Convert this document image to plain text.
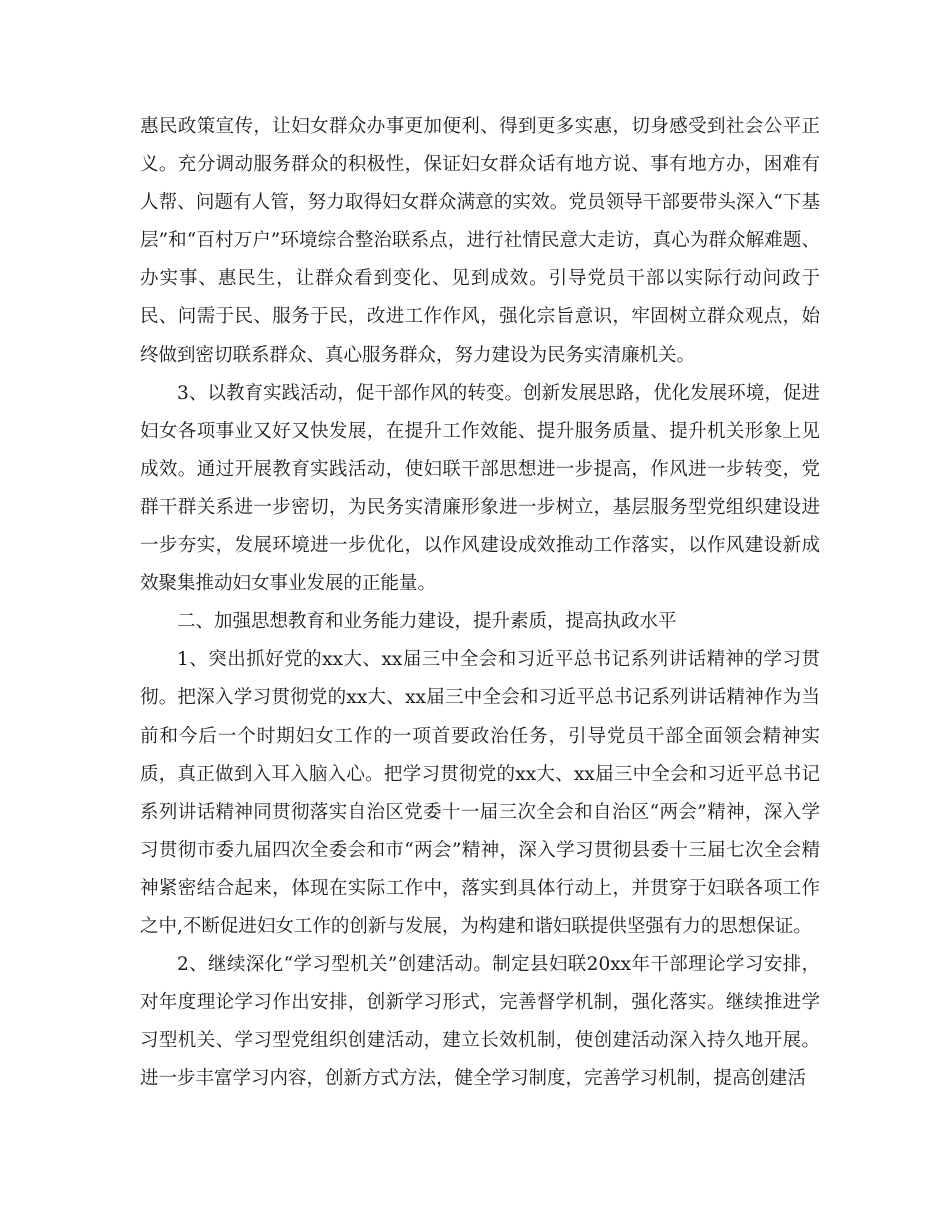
惠民政策宣传，让妇女群众办事更加便利、得到更多实惠，切身感受到社会公平正义。充分调动服务群众的积极性，保证妇女群众话有地方说、事有地方办，困难有人帮、问题有人管，努力取得妇女群众满意的实效。党员领导干部要带头深入“下基层”和“百村万户”环境综合整治联系点，进行社情民意大走访，真心为群众解难题、办实事、惠民生，让群众看到变化、见到成效。引导党员干部以实际行动问政于民、问需于民、服务于民，改进工作作风，强化宗旨意识，牢固树立群众观点，始终做到密切联系群众、真心服务群众，努力建设为民务实清廉机关。

3、以教育实践活动，促干部作风的转变。创新发展思路，优化发展环境，促进妇女各项事业又好又快发展，在提升工作效能、提升服务质量、提升机关形象上见成效。通过开展教育实践活动，使妇联干部思想进一步提高，作风进一步转变，党群干群关系进一步密切，为民务实清廉形象进一步树立，基层服务型党组织建设进一步夯实，发展环境进一步优化，以作风建设成效推动工作落实，以作风建设新成效聚集推动妇女事业发展的正能量。

二、加强思想教育和业务能力建设，提升素质，提高执政水平

1、突出抓好党的xx大、xx届三中全会和习近平总书记系列讲话精神的学习贯彻。把深入学习贯彻党的xx大、xx届三中全会和习近平总书记系列讲话精神作为当前和今后一个时期妇女工作的一项首要政治任务，引导党员干部全面领会精神实质，真正做到入耳入脑入心。把学习贯彻党的xx大、xx届三中全会和习近平总书记系列讲话精神同贯彻落实自治区党委十一届三次全会和自治区“两会”精神，深入学习贯彻市委九届四次全委会和市“两会”精神，深入学习贯彻县委十三届七次全会精神紧密结合起来，体现在实际工作中，落实到具体行动上，并贯穿于妇联各项工作之中,不断促进妇女工作的创新与发展，为构建和谐妇联提供坚强有力的思想保证。

2、继续深化“学习型机关”创建活动。制定县妇联20xx年干部理论学习安排，对年度理论学习作出安排，创新学习形式，完善督学机制，强化落实。继续推进学习型机关、学习型党组织创建活动，建立长效机制，使创建活动深入持久地开展。进一步丰富学习内容，创新方式方法，健全学习制度，完善学习机制，提高创建活
